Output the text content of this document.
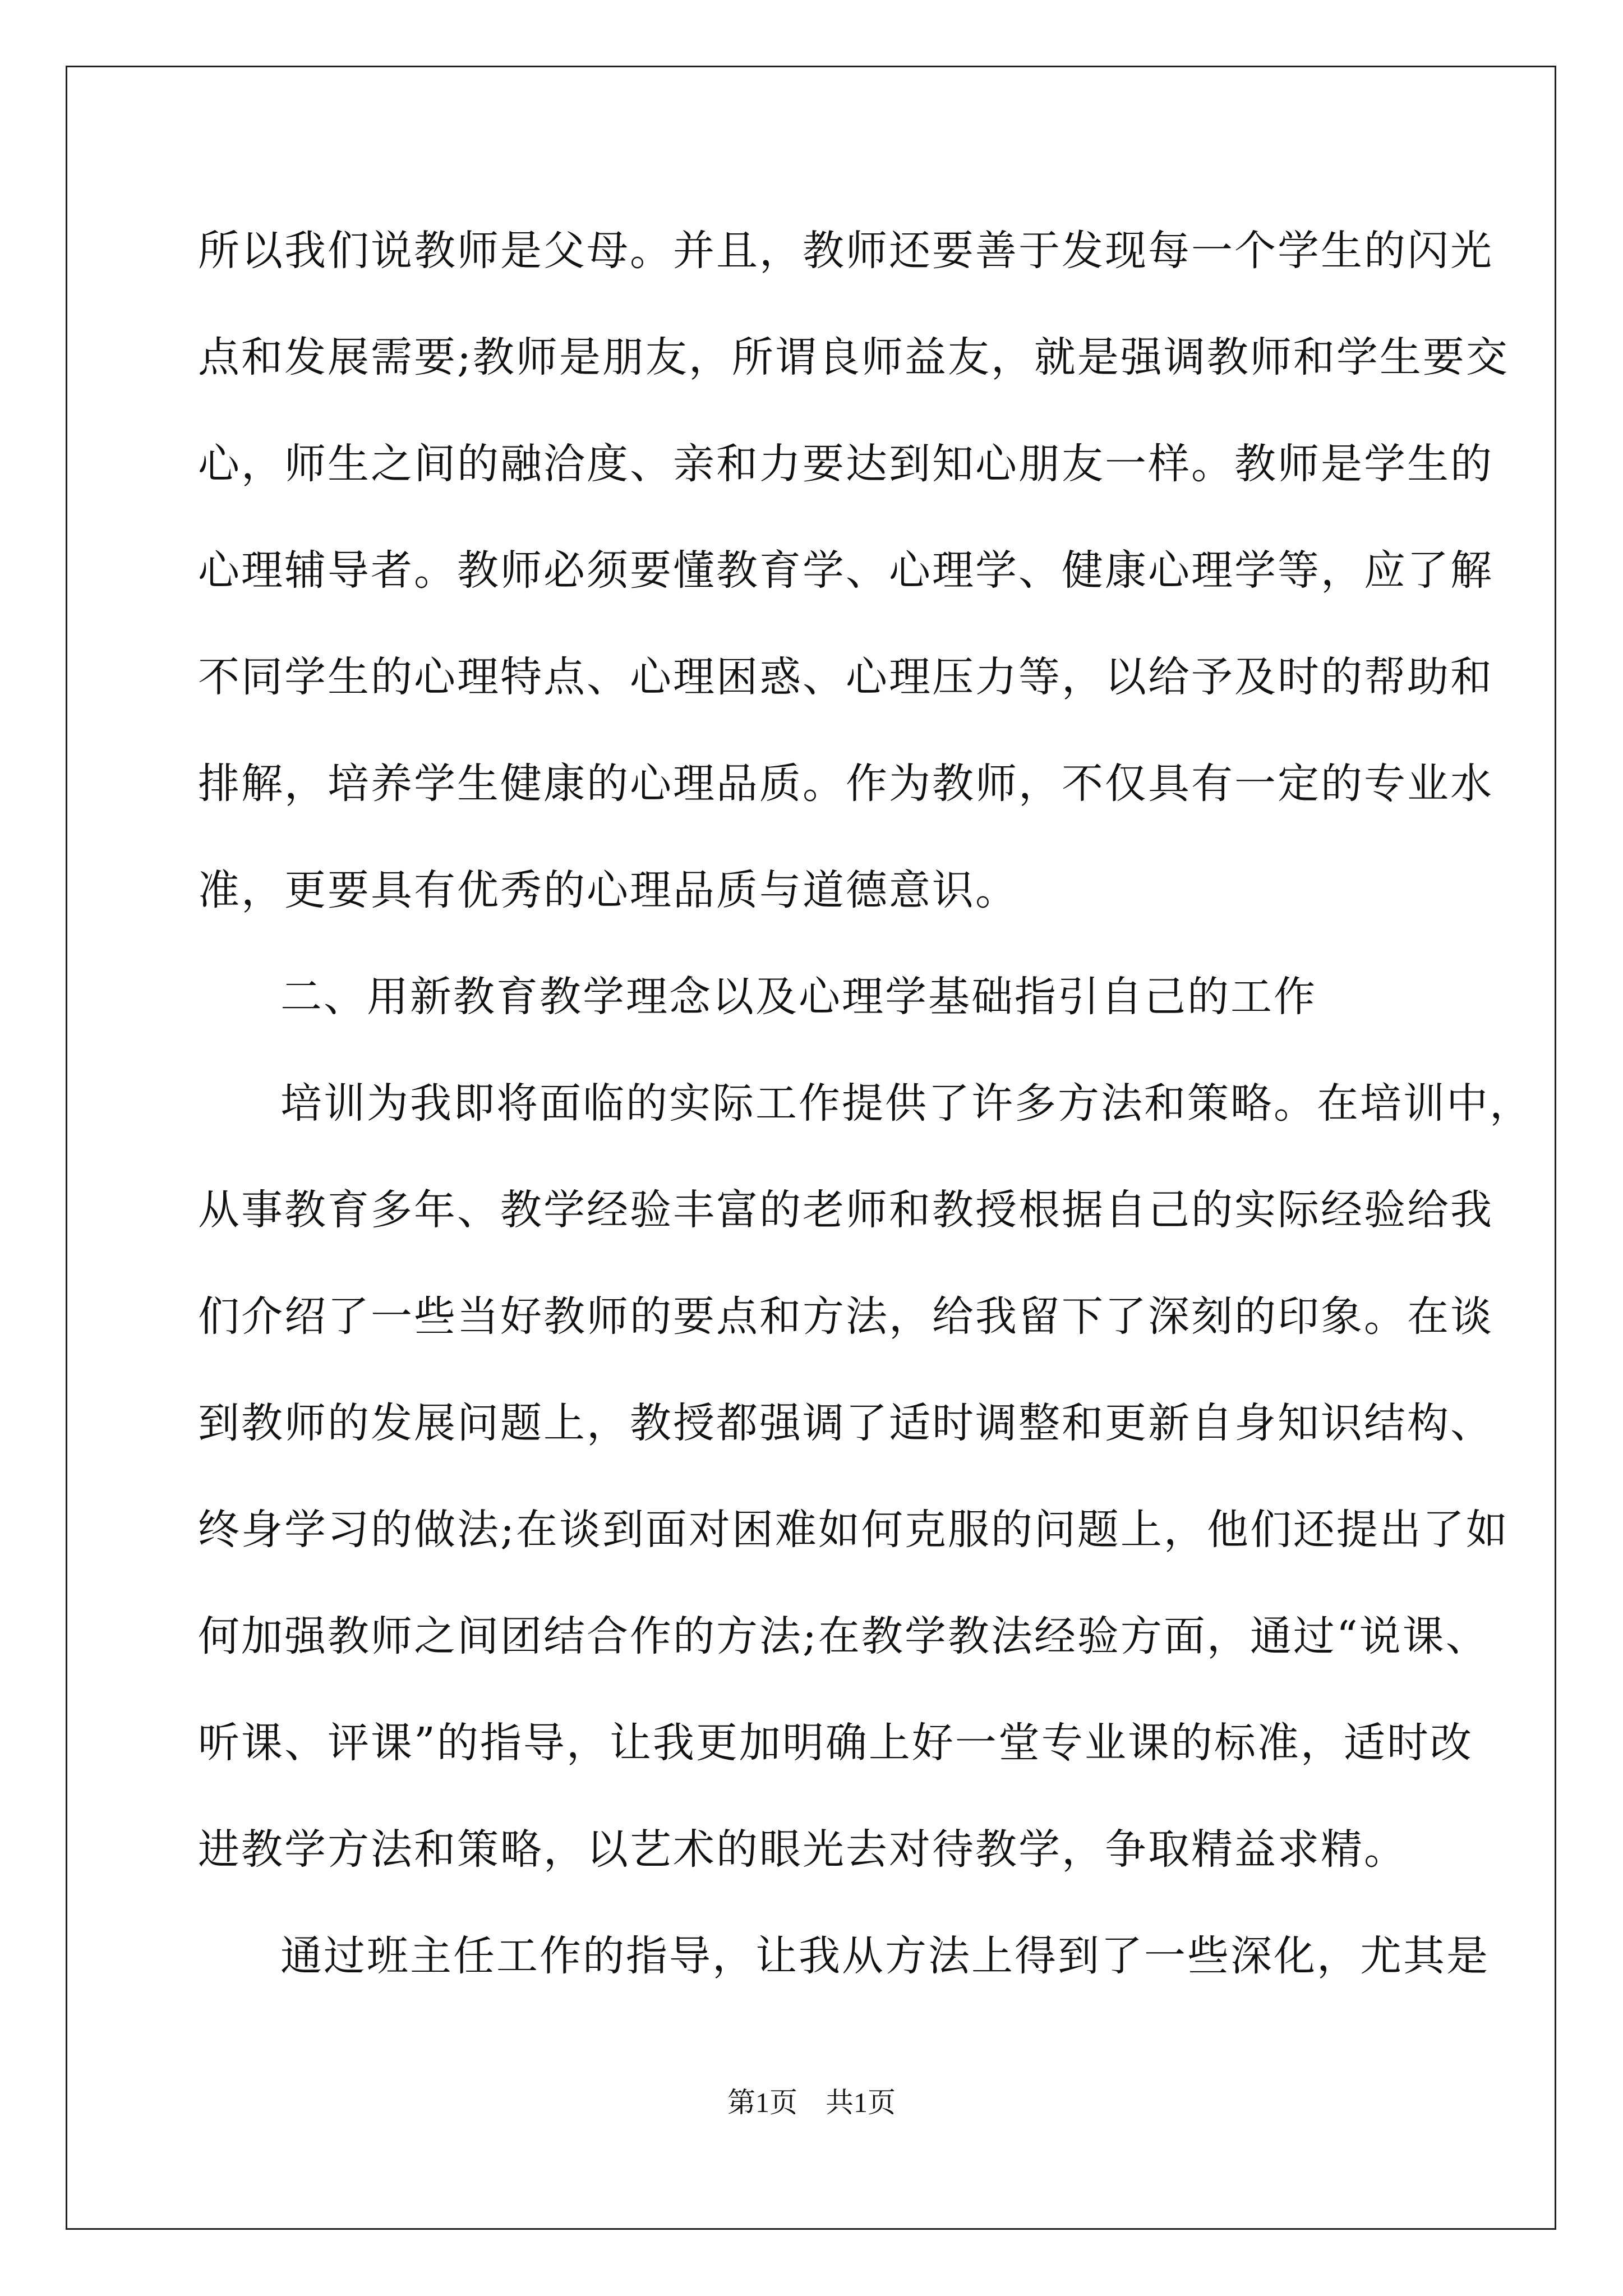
所以我们说教师是父母。并且，教师还要善于发现每一个学生的闪光
点和发展需要;教师是朋友，所谓良师益友，就是强调教师和学生要交
心，师生之间的融洽度、亲和力要达到知心朋友一样。教师是学生的
心理辅导者。教师必须要懂教育学、心理学、健康心理学等，应了解
不同学生的心理特点、心理困惑、心理压力等，以给予及时的帮助和
排解，培养学生健康的心理品质。作为教师，不仅具有一定的专业水
准，更要具有优秀的心理品质与道德意识。
二、用新教育教学理念以及心理学基础指引自己的工作
培训为我即将面临的实际工作提供了许多方法和策略。在培训中，
从事教育多年、教学经验丰富的老师和教授根据自己的实际经验给我
们介绍了一些当好教师的要点和方法，给我留下了深刻的印象。在谈
到教师的发展问题上，教授都强调了适时调整和更新自身知识结构、
终身学习的做法;在谈到面对困难如何克服的问题上，他们还提出了如
何加强教师之间团结合作的方法;在教学教法经验方面，通过“说课、
听课、评课”的指导，让我更加明确上好一堂专业课的标准，适时改
进教学方法和策略，以艺术的眼光去对待教学，争取精益求精。
通过班主任工作的指导，让我从方法上得到了一些深化，尤其是
第1页　共1页
